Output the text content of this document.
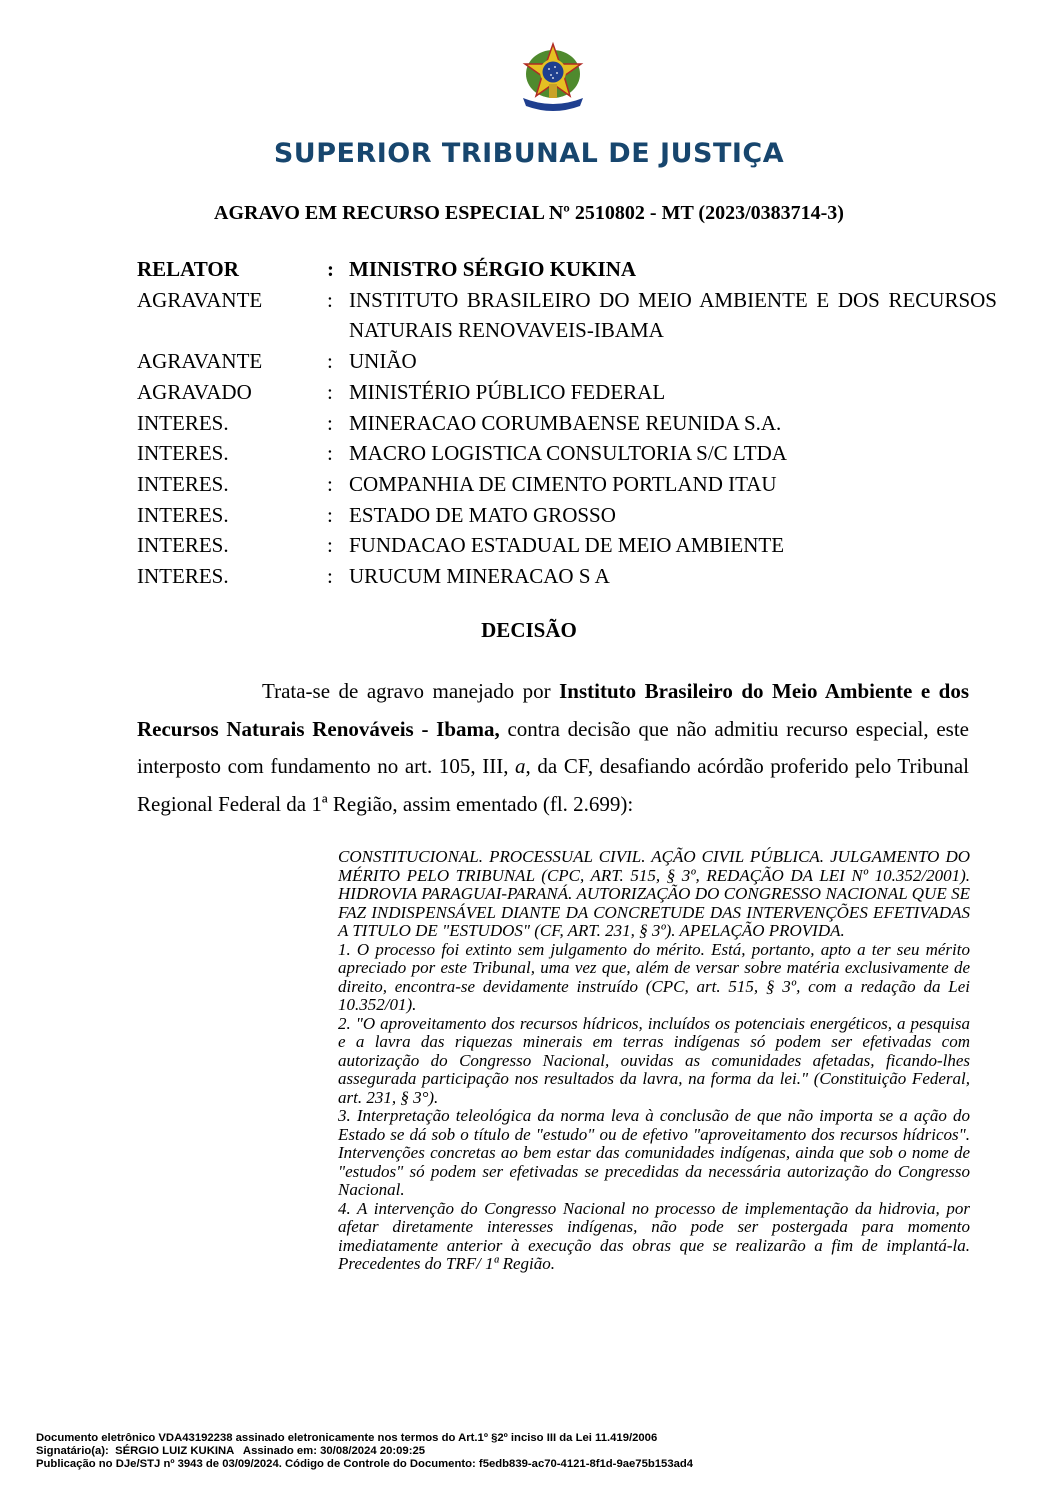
SUPERIOR TRIBUNAL DE JUSTIÇA
AGRAVO EM RECURSO ESPECIAL Nº 2510802 - MT (2023/0383714-3)
RELATOR	: MINISTRO SÉRGIO KUKINA
AGRAVANTE	: INSTITUTO BRASILEIRO DO MEIO AMBIENTE E DOS RECURSOS NATURAIS RENOVAVEIS-IBAMA
AGRAVANTE	: UNIÃO
AGRAVADO	: MINISTÉRIO PÚBLICO FEDERAL
INTERES.	: MINERACAO CORUMBAENSE REUNIDA S.A.
INTERES.	: MACRO LOGISTICA CONSULTORIA S/C LTDA
INTERES.	: COMPANHIA DE CIMENTO PORTLAND ITAU
INTERES.	: ESTADO DE MATO GROSSO
INTERES.	: FUNDACAO ESTADUAL DE MEIO AMBIENTE
INTERES.	: URUCUM MINERACAO S A
DECISÃO
Trata-se de agravo manejado por Instituto Brasileiro do Meio Ambiente e dos Recursos Naturais Renováveis - Ibama, contra decisão que não admitiu recurso especial, este interposto com fundamento no art. 105, III, a, da CF, desafiando acórdão proferido pelo Tribunal Regional Federal da 1ª Região, assim ementado (fl. 2.699):

CONSTITUCIONAL. PROCESSUAL CIVIL. AÇÃO CIVIL PÚBLICA. JULGAMENTO DO MÉRITO PELO TRIBUNAL (CPC, ART. 515, § 3º, REDAÇÃO DA LEI Nº 10.352/2001). HIDROVIA PARAGUAI-PARANÁ. AUTORIZAÇÃO DO CONGRESSO NACIONAL QUE SE FAZ INDISPENSÁVEL DIANTE DA CONCRETUDE DAS INTERVENÇÕES EFETIVADAS A TITULO DE "ESTUDOS" (CF, ART. 231, § 3º). APELAÇÃO PROVIDA.

1. O processo foi extinto sem julgamento do mérito. Está, portanto, apto a ter seu mérito apreciado por este Tribunal, uma vez que, além de versar sobre matéria exclusivamente de direito, encontra-se devidamente instruído (CPC, art. 515, § 3º, com a redação da Lei 10.352/01).

2. "O aproveitamento dos recursos hídricos, incluídos os potenciais energéticos, a pesquisa e a lavra das riquezas minerais em terras indígenas só podem ser efetivadas com autorização do Congresso Nacional, ouvidas as comunidades afetadas, ficando-lhes assegurada participação nos resultados da lavra, na forma da lei." (Constituição Federal, art. 231, § 3°).

3. Interpretação teleológica da norma leva à conclusão de que não importa se a ação do Estado se dá sob o título de "estudo" ou de efetivo "aproveitamento dos recursos hídricos". Intervenções concretas ao bem estar das comunidades indígenas, ainda que sob o nome de "estudos" só podem ser efetivadas se precedidas da necessária autorização do Congresso Nacional.

4. A intervenção do Congresso Nacional no processo de implementação da hidrovia, por afetar diretamente interesses indígenas, não pode ser postergada para momento imediatamente anterior à execução das obras que se realizarão a fim de implantá-la. Precedentes do TRF/ 1ª Região.

Documento eletrônico VDA43192238 assinado eletronicamente nos termos do Art.1º §2º inciso III da Lei 11.419/2006
Signatário(a):  SÉRGIO LUIZ KUKINA   Assinado em: 30/08/2024 20:09:25
Publicação no DJe/STJ nº 3943 de 03/09/2024. Código de Controle do Documento: f5edb839-ac70-4121-8f1d-9ae75b153ad4
